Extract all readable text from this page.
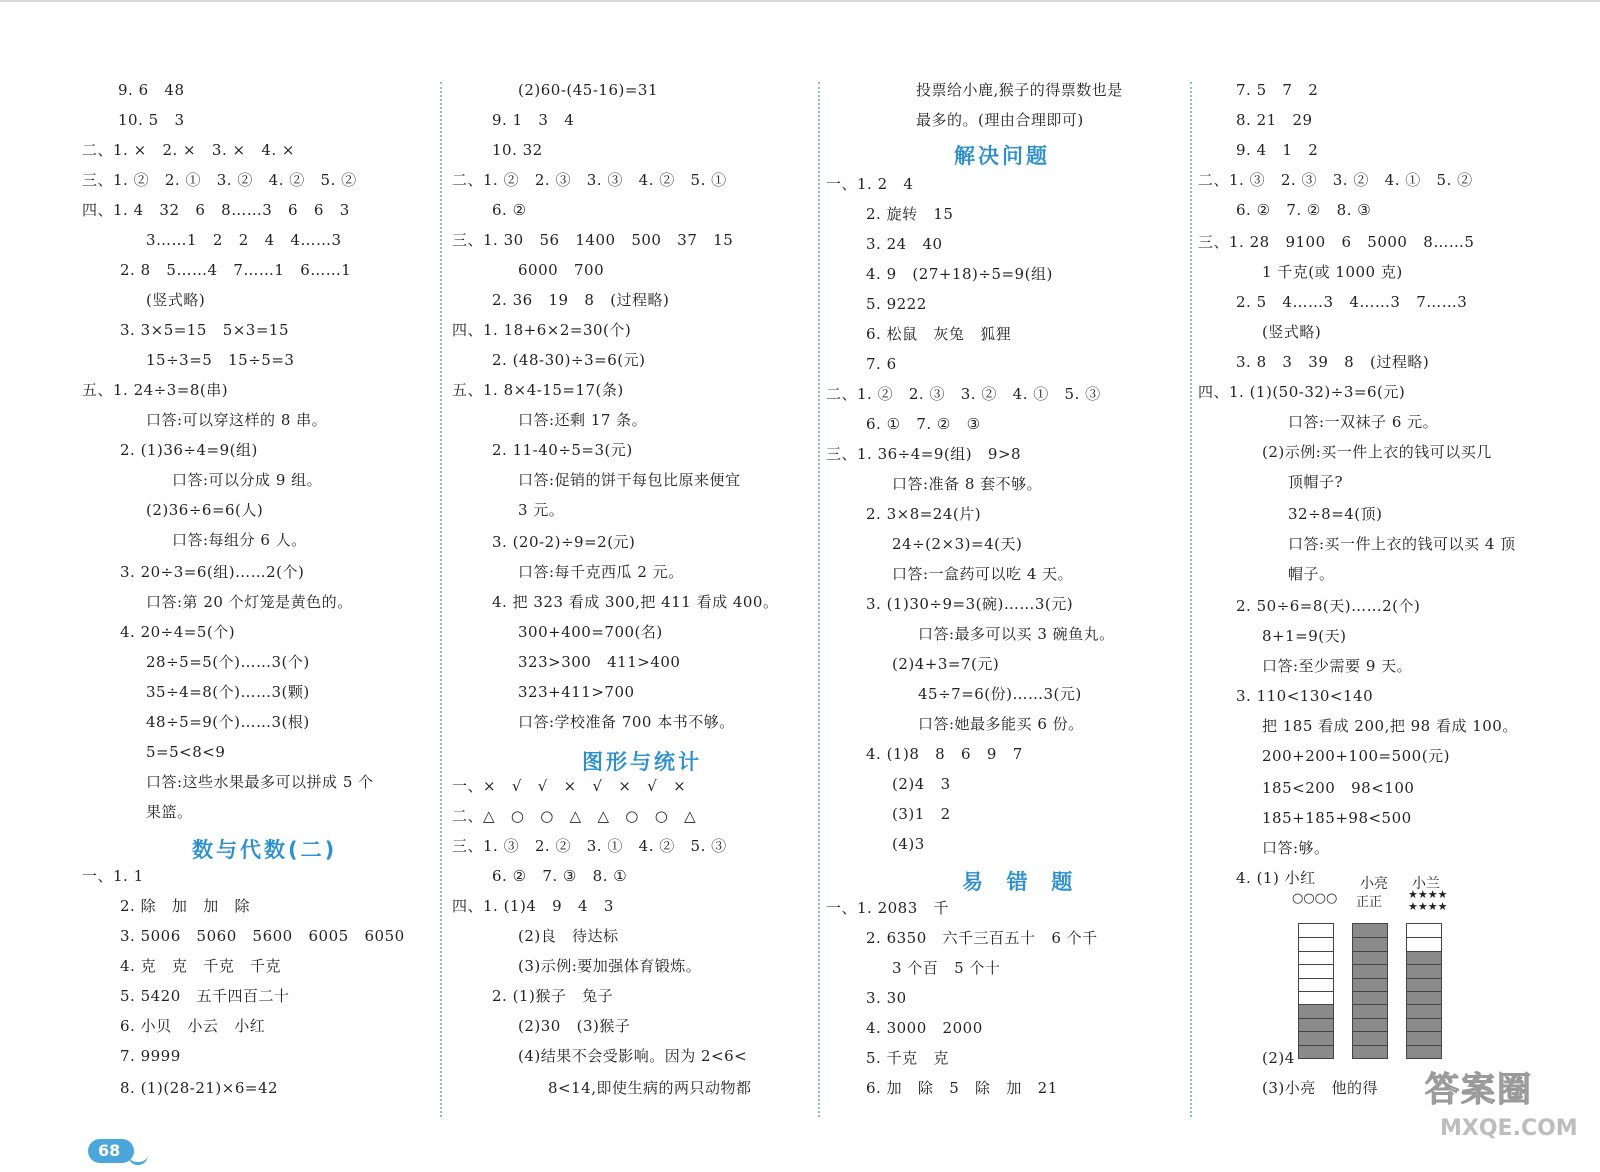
9. 6   48
10. 5   3
二、1. ×   2. ×   3. ×   4. ×
三、1. ②   2. ①   3. ②   4. ②   5. ②
四、1. 4   32   6   8……3   6   6   3
3……1   2   2   4   4……3
2. 8   5……4   7……1   6……1
(竖式略)
3. 3×5=15   5×3=15
15÷3=5   15÷5=3
五、1. 24÷3=8(串)
口答:可以穿这样的 8 串。
2. (1)36÷4=9(组)
口答:可以分成 9 组。
(2)36÷6=6(人)
口答:每组分 6 人。
3. 20÷3=6(组)……2(个)
口答:第 20 个灯笼是黄色的。
4. 20÷4=5(个)
28÷5=5(个)……3(个)
35÷4=8(个)……3(颗)
48÷5=9(个)……3(根)
5=5<8<9
口答:这些水果最多可以拼成 5 个
果篮。
一、1. 1
2. 除   加   加   除
3. 5006   5060   5600   6005   6050
4. 克   克   千克   千克
5. 5420   五千四百二十
6. 小贝   小云   小红
7. 9999
8. (1)(28-21)×6=42
(2)60-(45-16)=31
9. 1   3   4
10. 32
二、1. ②   2. ③   3. ③   4. ②   5. ①
6. ②
三、1. 30   56   1400   500   37   15
6000   700
2. 36   19   8   (过程略)
四、1. 18+6×2=30(个)
2. (48-30)÷3=6(元)
五、1. 8×4-15=17(条)
口答:还剩 17 条。
2. 11-40÷5=3(元)
口答:促销的饼干每包比原来便宜
3 元。
3. (20-2)÷9=2(元)
口答:每千克西瓜 2 元。
4. 把 323 看成 300,把 411 看成 400。
300+400=700(名)
323>300   411>400
323+411>700
口答:学校准备 700 本书不够。
一、×   √   √   ×   √   ×   √   ×
二、△   ○   ○   △   △   ○   ○   △
三、1. ③   2. ②   3. ①   4. ②   5. ③
6. ②   7. ③   8. ①
四、1. (1)4   9   4   3
(2)良   待达标
(3)示例:要加强体育锻炼。
2. (1)猴子   兔子
(2)30   (3)猴子
(4)结果不会受影响。因为 2<6<
8<14,即使生病的两只动物都
投票给小鹿,猴子的得票数也是
最多的。(理由合理即可)
一、1. 2   4
2. 旋转   15
3. 24   40
4. 9   (27+18)÷5=9(组)
5. 9222
6. 松鼠   灰兔   狐狸
7. 6
二、1. ②   2. ③   3. ②   4. ①   5. ③
6. ①   7. ②   ③
三、1. 36÷4=9(组)   9>8
口答:准备 8 套不够。
2. 3×8=24(片)
24÷(2×3)=4(天)
口答:一盒药可以吃 4 天。
3. (1)30÷9=3(碗)……3(元)
口答:最多可以买 3 碗鱼丸。
(2)4+3=7(元)
45÷7=6(份)……3(元)
口答:她最多能买 6 份。
4. (1)8   8   6   9   7
(2)4   3
(3)1   2
(4)3
一、1. 2083   千
2. 6350   六千三百五十   6 个千
3 个百   5 个十
3. 30
4. 3000   2000
5. 千克   克
6. 加   除   5   除   加   21
7. 5   7   2
8. 21   29
9. 4   1   2
二、1. ③   2. ③   3. ②   4. ①   5. ②
6. ②   7. ②   8. ③
三、1. 28   9100   6   5000   8……5
1 千克(或 1000 克)
2. 5   4……3   4……3   7……3
(竖式略)
3. 8   3   39   8   (过程略)
四、1. (1)(50-32)÷3=6(元)
口答:一双袜子 6 元。
(2)示例:买一件上衣的钱可以买几
顶帽子?
32÷8=4(顶)
口答:买一件上衣的钱可以买 4 顶
帽子。
2. 50÷6=8(天)……2(个)
8+1=9(天)
口答:至少需要 9 天。
3. 110<130<140
把 185 看成 200,把 98 看成 100。
200+200+100=500(元)
185<200   98<100
185+185+98<500
口答:够。
4. (1) 小红
(2)4
(3)小亮   他的得
数与代数(二)
图形与统计
解决问题
易  错  题	小亮 小兰
○○○○ 正正
★★★★
★★★★
68
答案圈
MXQE.COM
